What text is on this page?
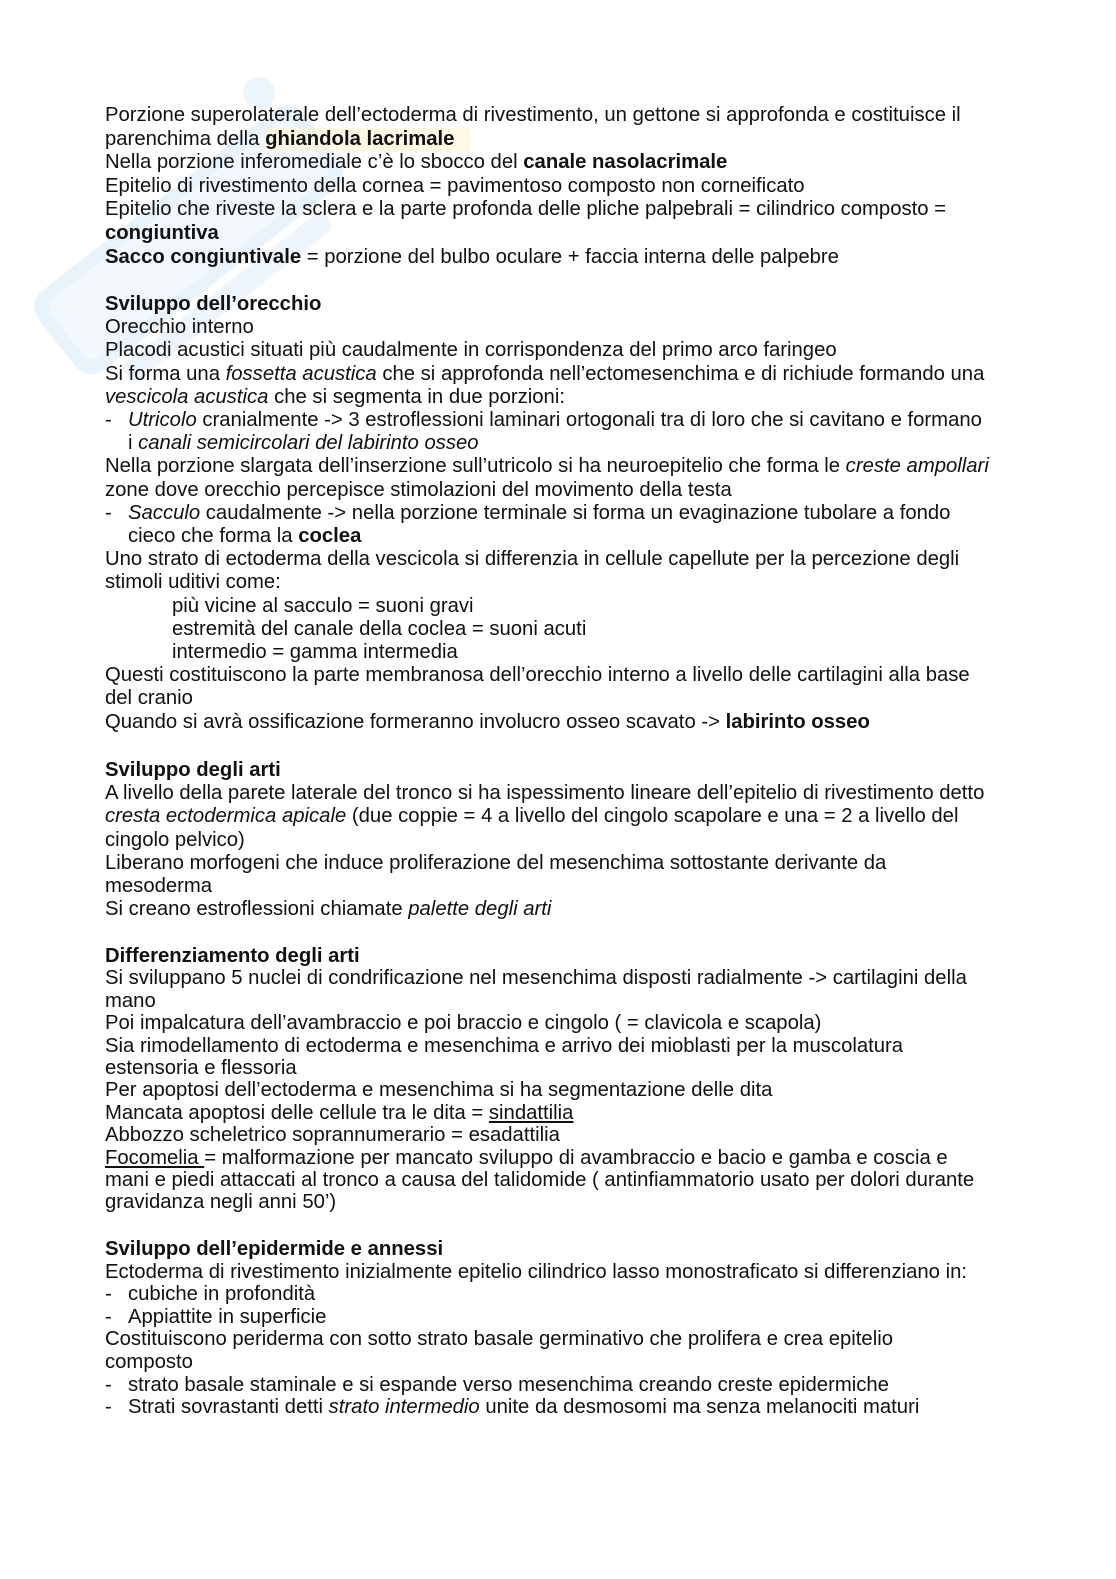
Porzione superolaterale dell’ectoderma di rivestimento, un gettone si approfonda e costituisce il
parenchima della ghiandola lacrimale
Nella porzione inferomediale c’è lo sbocco del canale nasolacrimale
Epitelio di rivestimento della cornea = pavimentoso composto non corneificato
Epitelio che riveste la sclera e la parte profonda delle pliche palpebrali = cilindrico composto =
congiuntiva
Sacco congiuntivale = porzione del bulbo oculare + faccia interna delle palpebre
Sviluppo dell’orecchio
Orecchio interno
Placodi acustici situati più caudalmente in corrispondenza del primo arco faringeo
Si forma una fossetta acustica che si approfonda nell’ectomesenchima e di richiude formando una
vescicola acustica che si segmenta in due porzioni:
- Utricolo cranialmente -> 3 estroflessioni laminari ortogonali tra di loro che si cavitano e formano
i canali semicircolari del labirinto osseo
Nella porzione slargata dell’inserzione sull’utricolo si ha neuroepitelio che forma le creste ampollari
zone dove orecchio percepisce stimolazioni del movimento della testa
- Sacculo caudalmente -> nella porzione terminale si forma un evaginazione tubolare a fondo
cieco che forma la coclea
Uno strato di ectoderma della vescicola si differenzia in cellule capellute per la percezione degli
stimoli uditivi come:
più vicine al sacculo = suoni gravi
estremità del canale della coclea = suoni acuti
intermedio = gamma intermedia
Questi costituiscono la parte membranosa dell’orecchio interno a livello delle cartilagini alla base
del cranio
Quando si avrà ossificazione formeranno involucro osseo scavato -> labirinto osseo
Sviluppo degli arti
A livello della parete laterale del tronco si ha ispessimento lineare dell’epitelio di rivestimento detto
cresta ectodermica apicale (due coppie = 4 a livello del cingolo scapolare e una = 2 a livello del
cingolo pelvico)
Liberano morfogeni che induce proliferazione del mesenchima sottostante derivante da
mesoderma
Si creano estroflessioni chiamate palette degli arti
Differenziamento degli arti
Si sviluppano 5 nuclei di condrificazione nel mesenchima disposti radialmente -> cartilagini della
mano
Poi impalcatura dell’avambraccio e poi braccio e cingolo ( = clavicola e scapola)
Sia rimodellamento di ectoderma e mesenchima e arrivo dei mioblasti per la muscolatura
estensoria e flessoria
Per apoptosi dell’ectoderma e mesenchima si ha segmentazione delle dita
Mancata apoptosi delle cellule tra le dita = sindattilia
Abbozzo scheletrico soprannumerario = esadattilia
Focomelia = malformazione per mancato sviluppo di avambraccio e bacio e gamba e coscia e
mani e piedi attaccati al tronco a causa del talidomide ( antinfiammatorio usato per dolori durante
gravidanza negli anni 50’)
Sviluppo dell’epidermide e annessi
Ectoderma di rivestimento inizialmente epitelio cilindrico lasso monostraficato si differenziano in:
- cubiche in profondità
- Appiattite in superficie
Costituiscono periderma con sotto strato basale germinativo che prolifera e crea epitelio
composto
- strato basale staminale e si espande verso mesenchima creando creste epidermiche
- Strati sovrastanti detti strato intermedio unite da desmosomi ma senza melanociti maturi
